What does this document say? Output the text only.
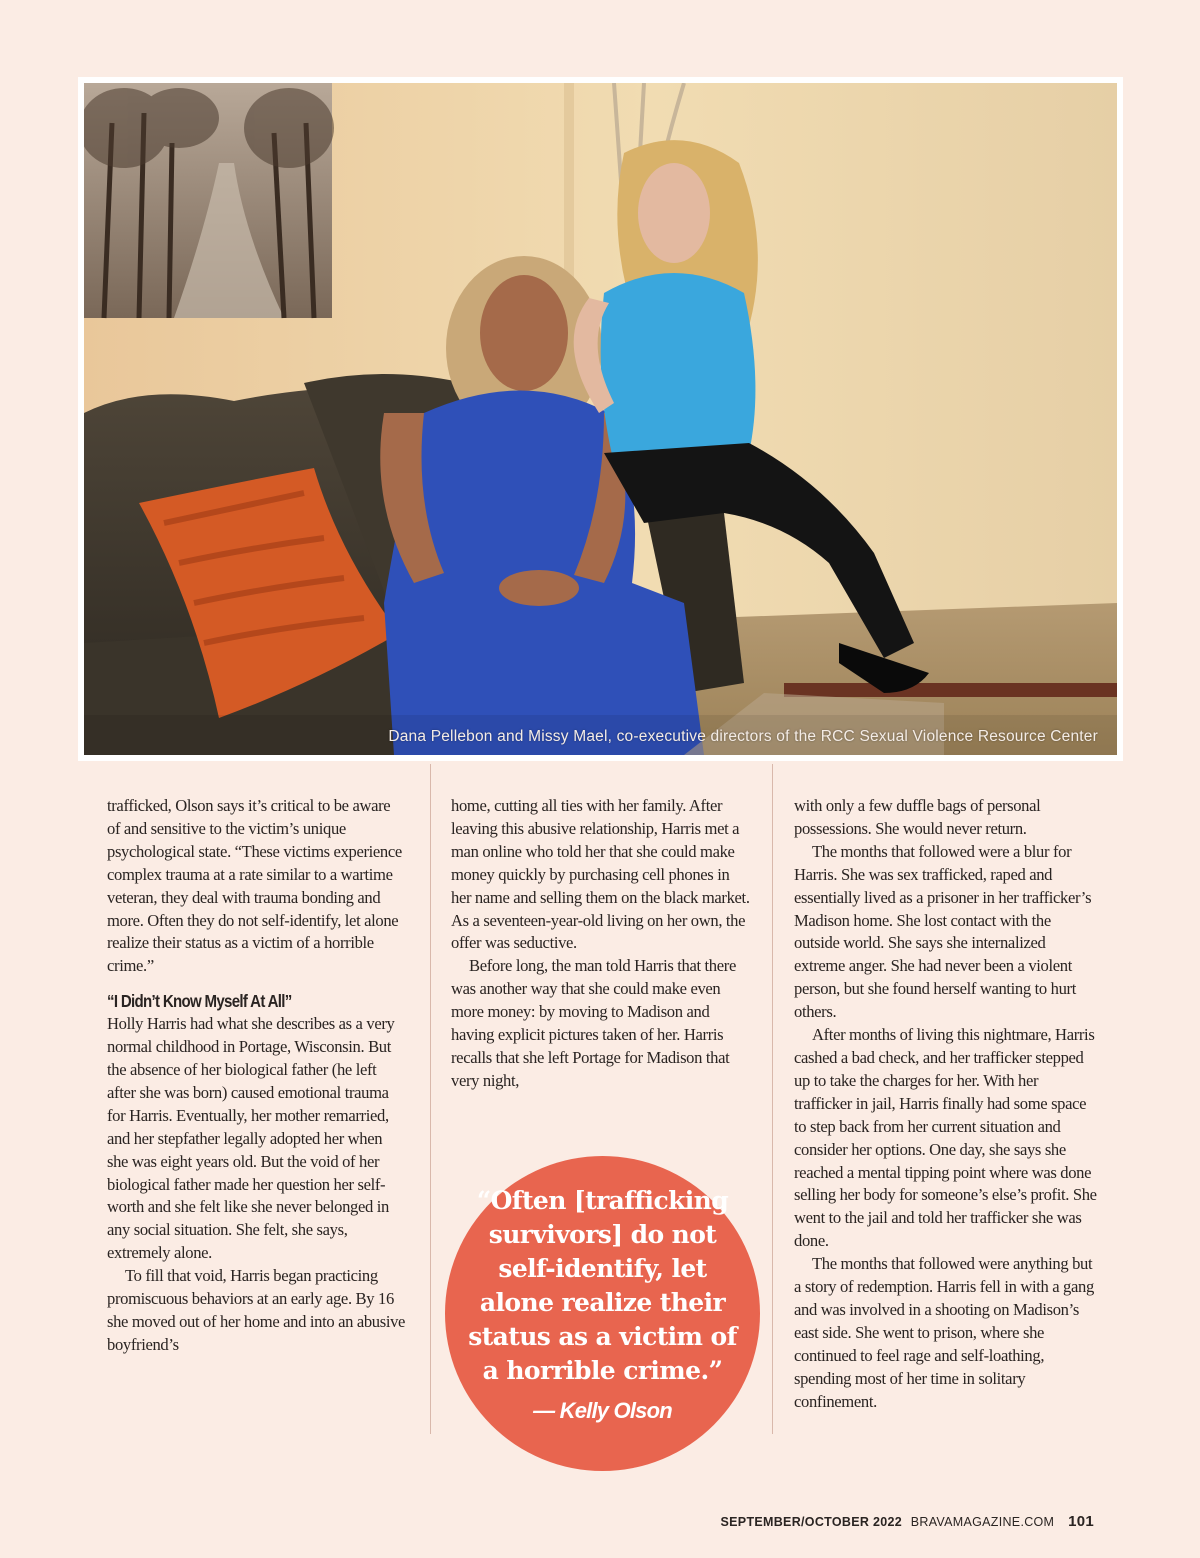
Dana Pellebon and Missy Mael, co-executive directors of the RCC Sexual Violence Resource Center

trafficked, Olson says it’s critical to be aware of and sensitive to the victim’s unique psychological state. “These victims experience complex trauma at a rate similar to a wartime veteran, they deal with trauma bonding and more. Often they do not self-identify, let alone realize their status as a victim of a horrible crime.”

“I Didn’t Know Myself At All”

Holly Harris had what she describes as a very normal childhood in Portage, Wisconsin. But the absence of her biological father (he left after she was born) caused emotional trauma for Harris. Eventually, her mother remarried, and her stepfather legally adopted her when she was eight years old. But the void of her biological father made her question her self-worth and she felt like she never belonged in any social situation. She felt, she says, extremely alone.

To fill that void, Harris began practicing promiscuous behaviors at an early age. By 16 she moved out of her home and into an abusive boyfriend’s

home, cutting all ties with her family. After leaving this abusive relationship, Harris met a man online who told her that she could make money quickly by purchasing cell phones in her name and selling them on the black market. As a seventeen-year-old living on her own, the offer was seductive.

Before long, the man told Harris that there was another way that she could make even more money: by moving to Madison and having explicit pictures taken of her. Harris recalls that she left Portage for Madison that very night,

with only a few duffle bags of personal possessions. She would never return.

The months that followed were a blur for Harris. She was sex trafficked, raped and essentially lived as a prisoner in her trafficker’s Madison home. She lost contact with the outside world. She says she internalized extreme anger. She had never been a violent person, but she found herself wanting to hurt others.

After months of living this nightmare, Harris cashed a bad check, and her trafficker stepped up to take the charges for her. With her trafficker in jail, Harris finally had some space to step back from her current situation and consider her options. One day, she says she reached a mental tipping point where was done selling her body for someone’s else’s profit. She went to the jail and told her trafficker she was done.

The months that followed were anything but a story of redemption. Harris fell in with a gang and was involved in a shooting on Madison’s east side. She went to prison, where she continued to feel rage and self-loathing, spending most of her time in solitary confinement.

“Often [trafficking survivors] do not self-identify, let alone realize their status as a victim of a horrible crime.”
— Kelly Olson
SEPTEMBER/OCTOBER 2022 BRAVAMAGAZINE.COM 101
